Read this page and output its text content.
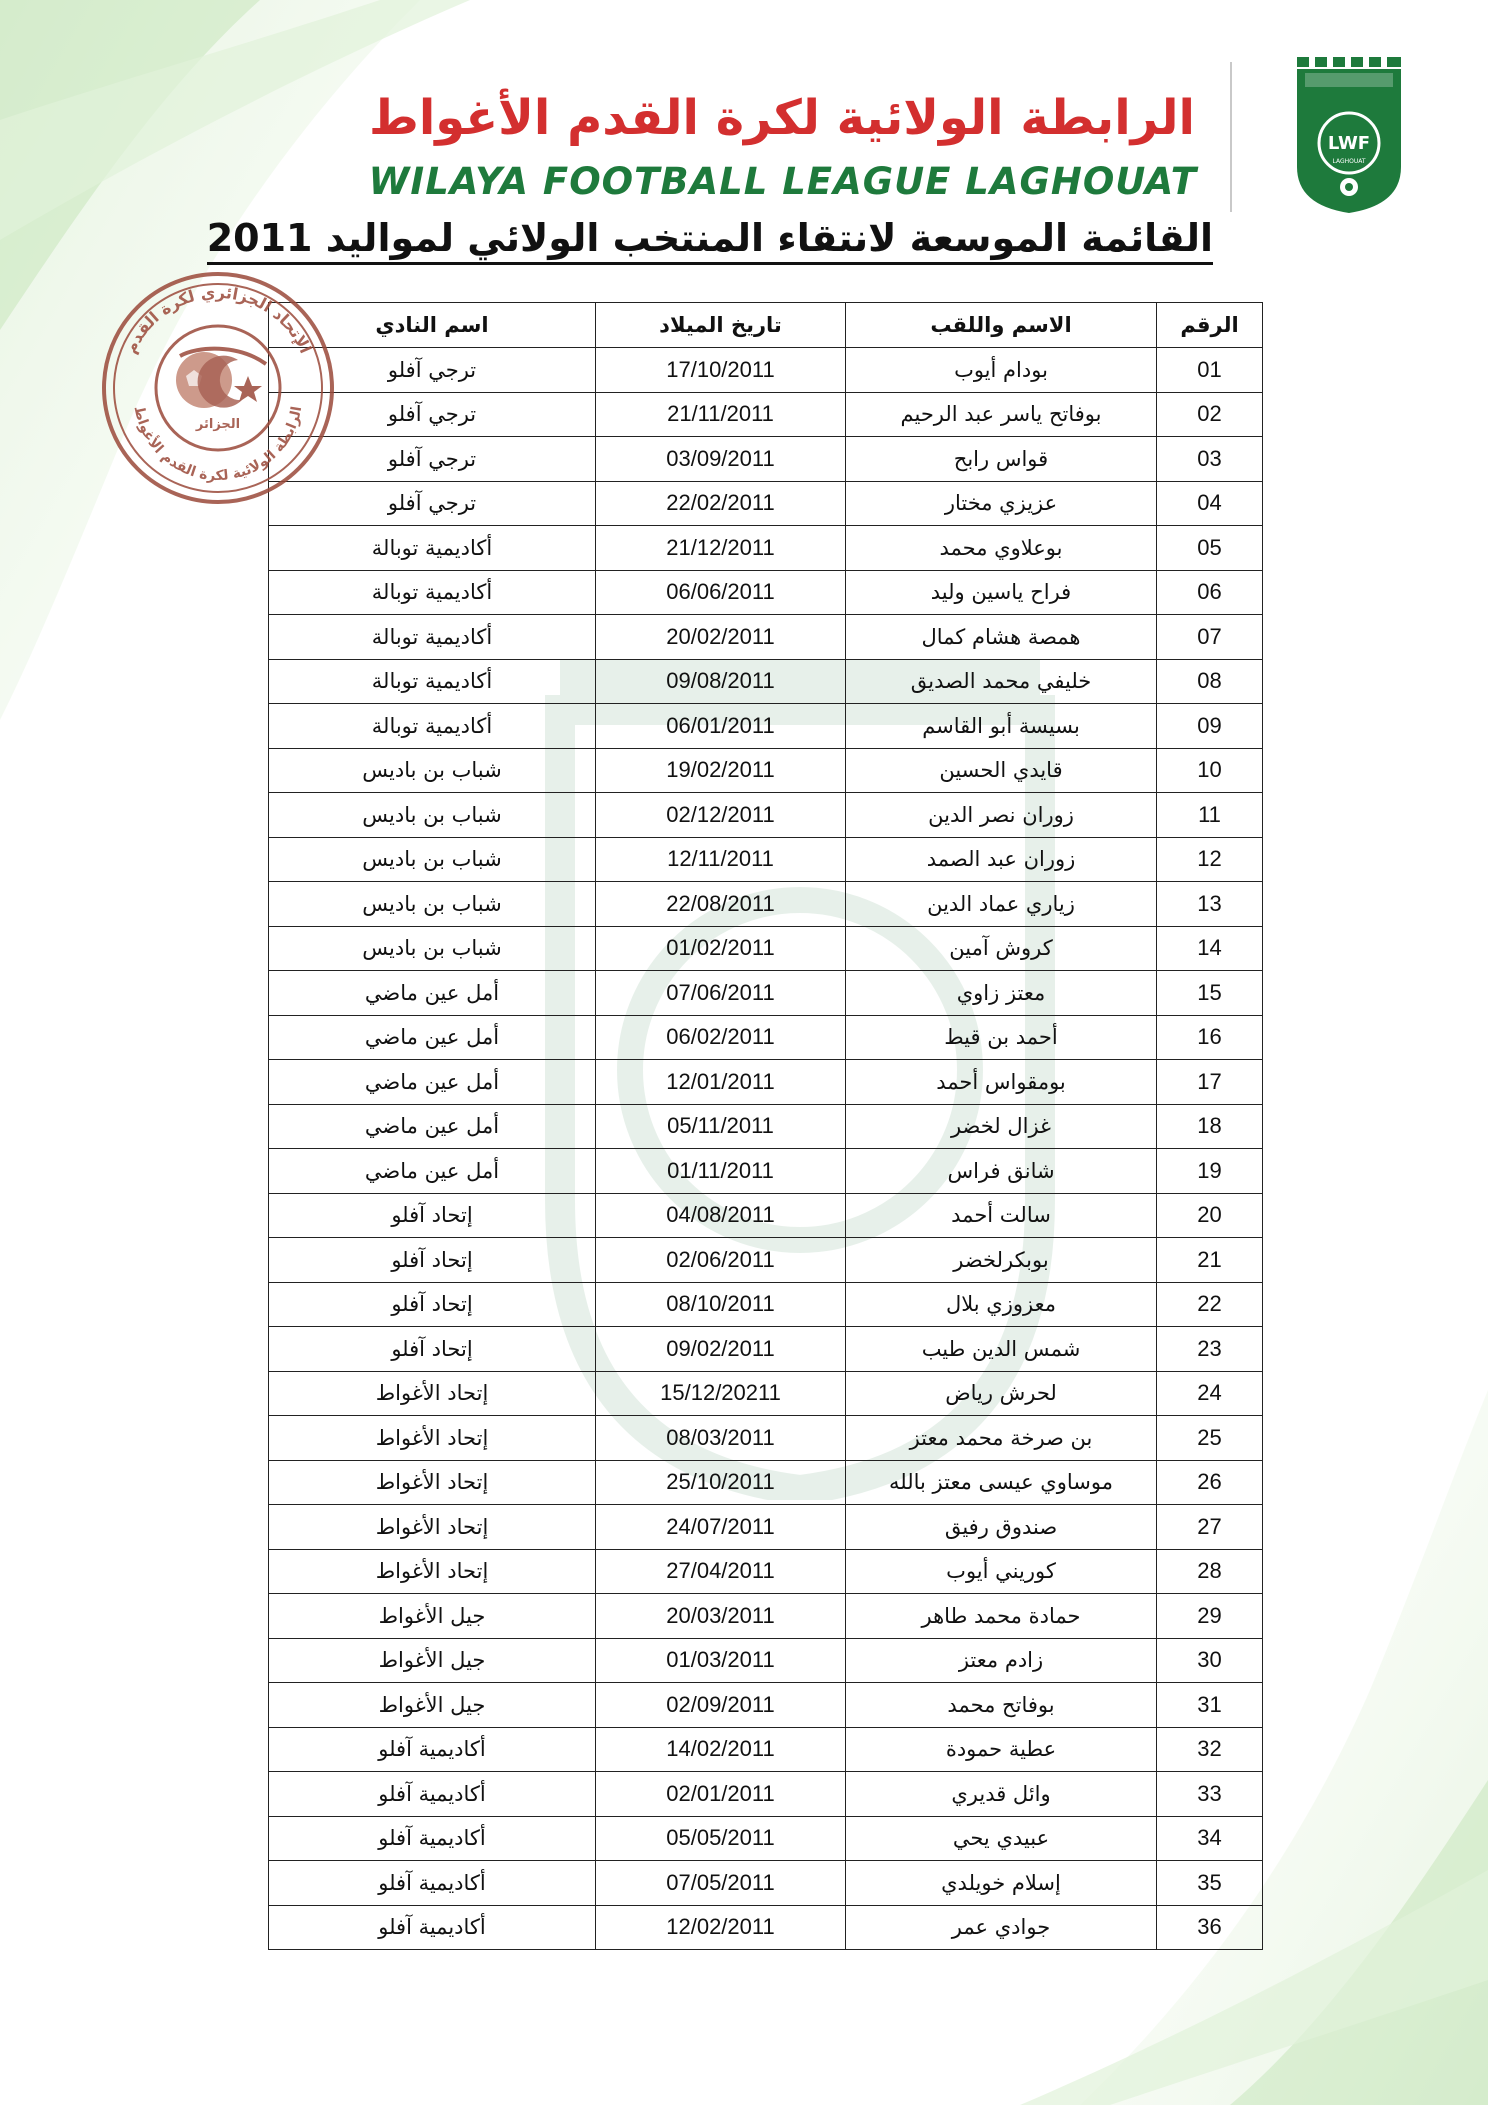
الرابطة الولائية لكرة القدم الأغواط
WILAYA FOOTBALL LEAGUE LAGHOUAT
LWF
LAGHOUAT
القائمة الموسعة لانتقاء المنتخب الولائي لمواليد 2011
الجزائر
الإتحاد الجزائري لكرة القدم
الرابطة الولائية لكرة القدم الأغواط
الرقم	الاسم واللقب	تاريخ الميلاد	اسم النادي
01	بودام أيوب	17/10/2011	ترجي آفلو
02	بوفاتح ياسر عبد الرحيم	21/11/2011	ترجي آفلو
03	قواس رابح	03/09/2011	ترجي آفلو
04	عزيزي مختار	22/02/2011	ترجي آفلو
05	بوعلاوي محمد	21/12/2011	أكاديمية توبالة
06	فراح ياسين وليد	06/06/2011	أكاديمية توبالة
07	همصة هشام كمال	20/02/2011	أكاديمية توبالة
08	خليفي محمد الصديق	09/08/2011	أكاديمية توبالة
09	بسيسة أبو القاسم	06/01/2011	أكاديمية توبالة
10	قايدي الحسين	19/02/2011	شباب بن باديس
11	زوران نصر الدين	02/12/2011	شباب بن باديس
12	زوران عبد الصمد	12/11/2011	شباب بن باديس
13	زياري عماد الدين	22/08/2011	شباب بن باديس
14	كروش آمين	01/02/2011	شباب بن باديس
15	معتز زاوي	07/06/2011	أمل عين ماضي
16	أحمد بن قيط	06/02/2011	أمل عين ماضي
17	بومقواس أحمد	12/01/2011	أمل عين ماضي
18	غزال لخضر	05/11/2011	أمل عين ماضي
19	شانق فراس	01/11/2011	أمل عين ماضي
20	سالت أحمد	04/08/2011	إتحاد آفلو
21	بوبكرلخضر	02/06/2011	إتحاد آفلو
22	معزوزي بلال	08/10/2011	إتحاد آفلو
23	شمس الدين طيب	09/02/2011	إتحاد آفلو
24	لحرش رياض	15/12/20211	إتحاد الأغواط
25	بن صرخة محمد معتز	08/03/2011	إتحاد الأغواط
26	موساوي عيسى معتز بالله	25/10/2011	إتحاد الأغواط
27	صندوق رفيق	24/07/2011	إتحاد الأغواط
28	كوريني أيوب	27/04/2011	إتحاد الأغواط
29	حمادة محمد طاهر	20/03/2011	جيل الأغواط
30	زادم معتز	01/03/2011	جيل الأغواط
31	بوفاتح محمد	02/09/2011	جيل الأغواط
32	عطية حمودة	14/02/2011	أكاديمية آفلو
33	وائل قديري	02/01/2011	أكاديمية آفلو
34	عبيدي يحي	05/05/2011	أكاديمية آفلو
35	إسلام خويلدي	07/05/2011	أكاديمية آفلو
36	جوادي عمر	12/02/2011	أكاديمية آفلو
